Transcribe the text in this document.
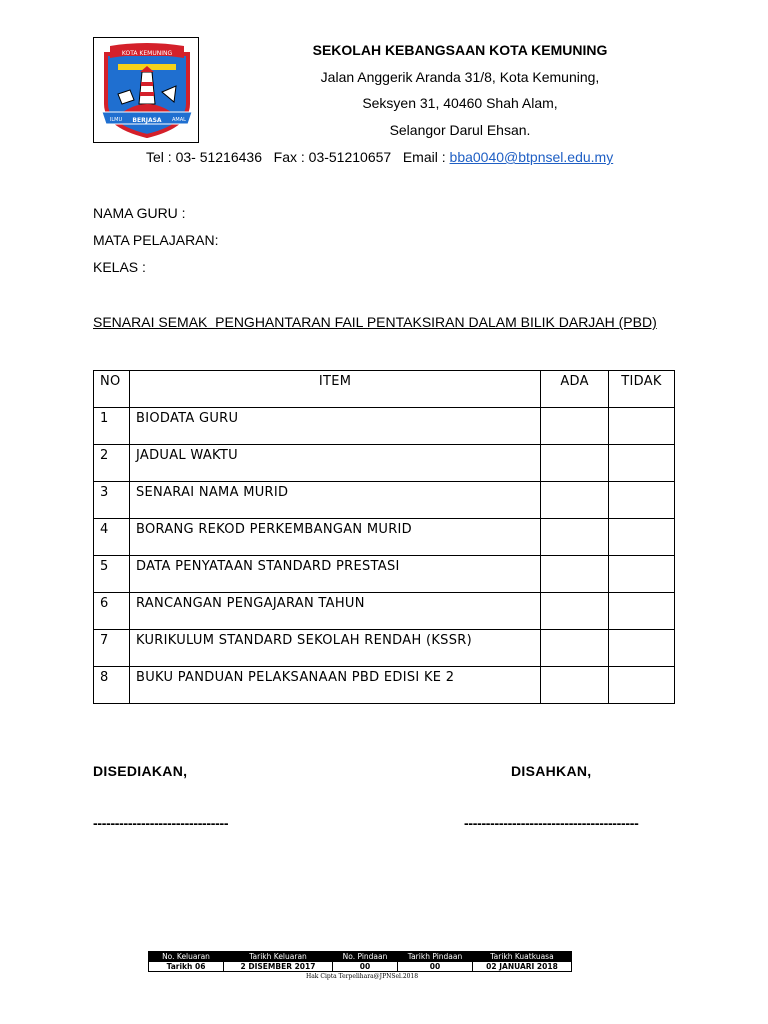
KOTA KEMUNING
ILMU BERJASA AMAL
SEKOLAH KEBANGSAAN KOTA KEMUNING
Jalan Anggerik Aranda 31/8, Kota Kemuning,
Seksyen 31, 40460 Shah Alam,
Selangor Darul Ehsan.
Tel : 03- 51216436   Fax : 03-51210657   Email : bba0040@btpnsel.edu.my
NAMA GURU :
MATA PELAJARAN:
KELAS :
SENARAI SEMAK  PENGHANTARAN FAIL PENTAKSIRAN DALAM BILIK DARJAH (PBD)
NO	ITEM	ADA	TIDAK
1	BIODATA GURU		
2	JADUAL WAKTU		
3	SENARAI NAMA MURID		
4	BORANG REKOD PERKEMBANGAN MURID		
5	DATA PENYATAAN STANDARD PRESTASI		
6	RANCANGAN PENGAJARAN TAHUN		
7	KURIKULUM STANDARD SEKOLAH RENDAH (KSSR)		
8	BUKU PANDUAN PELAKSANAAN PBD EDISI KE 2		
DISEDIAKAN,	DISAHKAN,
-------------------------------	----------------------------------------
No. Keluaran	Tarikh Keluaran	No. Pindaan	Tarikh Pindaan	Tarikh Kuatkuasa
Tarikh 06	2 DISEMBER 2017	00	00	02 JANUARI 2018
Hak Cipta Terpelihara@JPNSel.2018
